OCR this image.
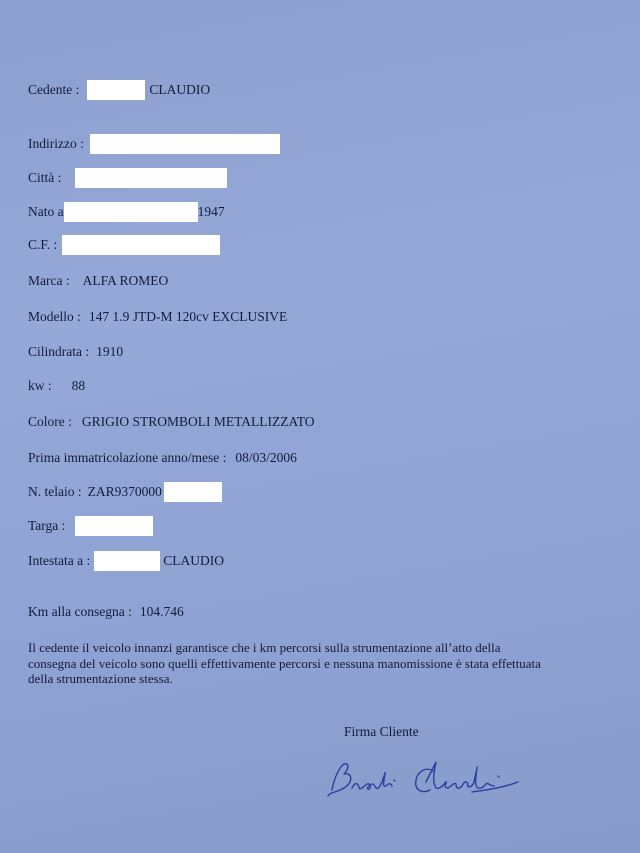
Cedente :	CLAUDIO
Indirizzo :
Città :
Nato a	1947
C.F. :
Marca : ALFA ROMEO
Modello : 147 1.9 JTD-M 120cv EXCLUSIVE
Cilindrata : 1910
kw : 88
Colore : GRIGIO STROMBOLI METALLIZZATO
Prima immatricolazione anno/mese : 08/03/2006
N. telaio : ZAR9370000
Targa :
Intestata a :	CLAUDIO
Km alla consegna : 104.746
Il cedente il veicolo innanzi garantisce che i km percorsi sulla strumentazione all’atto della
consegna del veicolo sono quelli effettivamente percorsi e nessuna manomissione è stata effettuata
della strumentazione stessa.
Firma Cliente
